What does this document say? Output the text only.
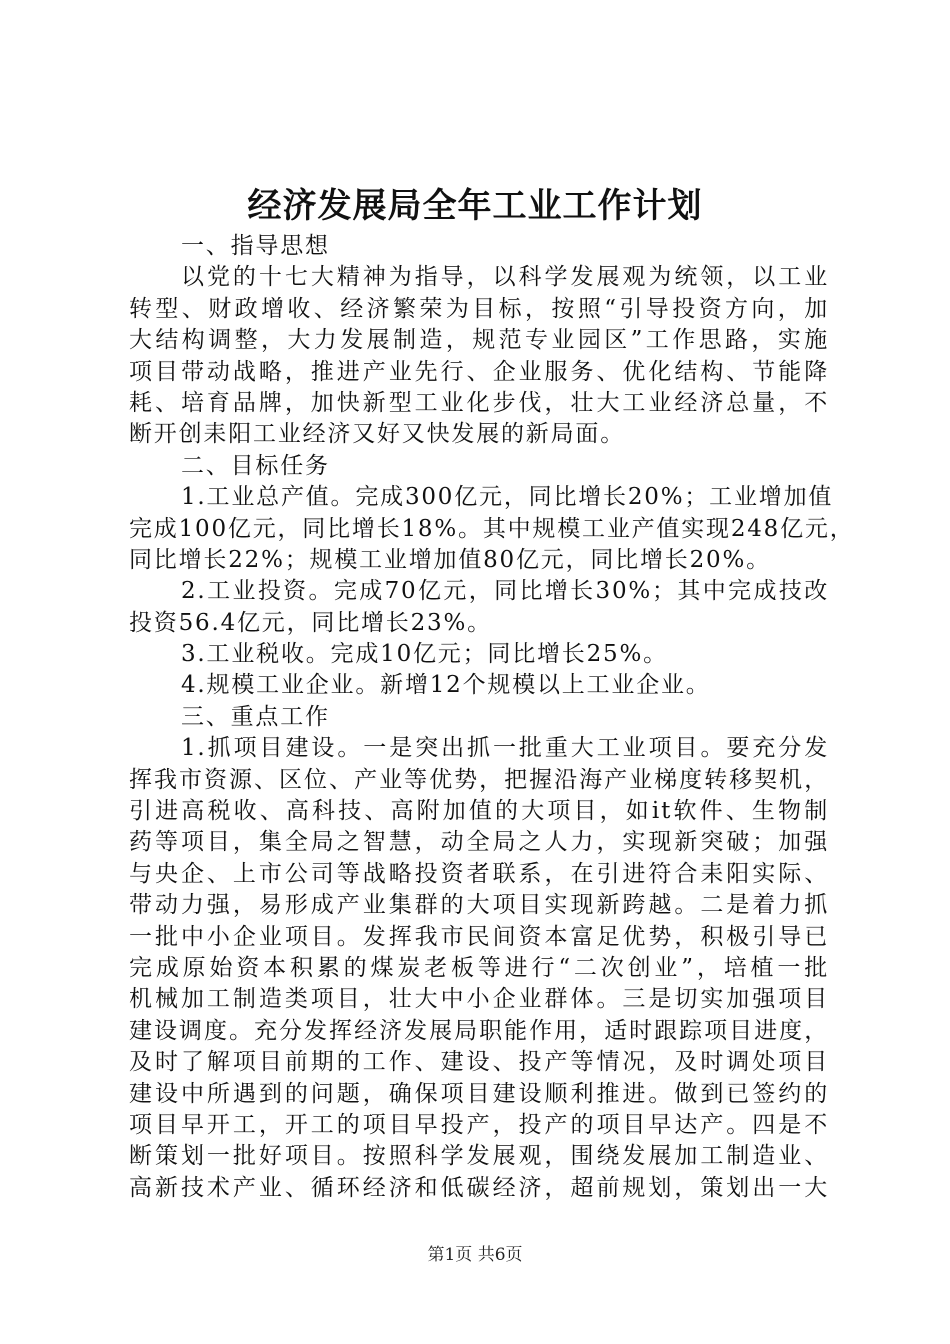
经济发展局全年工业工作计划
一、指导思想
以党的十七大精神为指导，以科学发展观为统领，以工业
转型、财政增收、经济繁荣为目标，按照“引导投资方向，加
大结构调整，大力发展制造，规范专业园区”工作思路，实施
项目带动战略，推进产业先行、企业服务、优化结构、节能降
耗、培育品牌，加快新型工业化步伐，壮大工业经济总量，不
断开创耒阳工业经济又好又快发展的新局面。
二、目标任务
1.工业总产值。完成300亿元，同比增长20%；工业增加值
完成100亿元，同比增长18%。其中规模工业产值实现248亿元，
同比增长22%；规模工业增加值80亿元，同比增长20%。
2.工业投资。完成70亿元，同比增长30%；其中完成技改
投资56.4亿元，同比增长23%。
3.工业税收。完成10亿元；同比增长25%。
4.规模工业企业。新增12个规模以上工业企业。
三、重点工作
1.抓项目建设。一是突出抓一批重大工业项目。要充分发
挥我市资源、区位、产业等优势，把握沿海产业梯度转移契机，
引进高税收、高科技、高附加值的大项目，如it软件、生物制
药等项目，集全局之智慧，动全局之人力，实现新突破；加强
与央企、上市公司等战略投资者联系，在引进符合耒阳实际、
带动力强，易形成产业集群的大项目实现新跨越。二是着力抓
一批中小企业项目。发挥我市民间资本富足优势，积极引导已
完成原始资本积累的煤炭老板等进行“二次创业”，培植一批
机械加工制造类项目，壮大中小企业群体。三是切实加强项目
建设调度。充分发挥经济发展局职能作用，适时跟踪项目进度，
及时了解项目前期的工作、建设、投产等情况，及时调处项目
建设中所遇到的问题，确保项目建设顺利推进。做到已签约的
项目早开工，开工的项目早投产，投产的项目早达产。四是不
断策划一批好项目。按照科学发展观，围绕发展加工制造业、
高新技术产业、循环经济和低碳经济，超前规划，策划出一大
第1页 共6页
